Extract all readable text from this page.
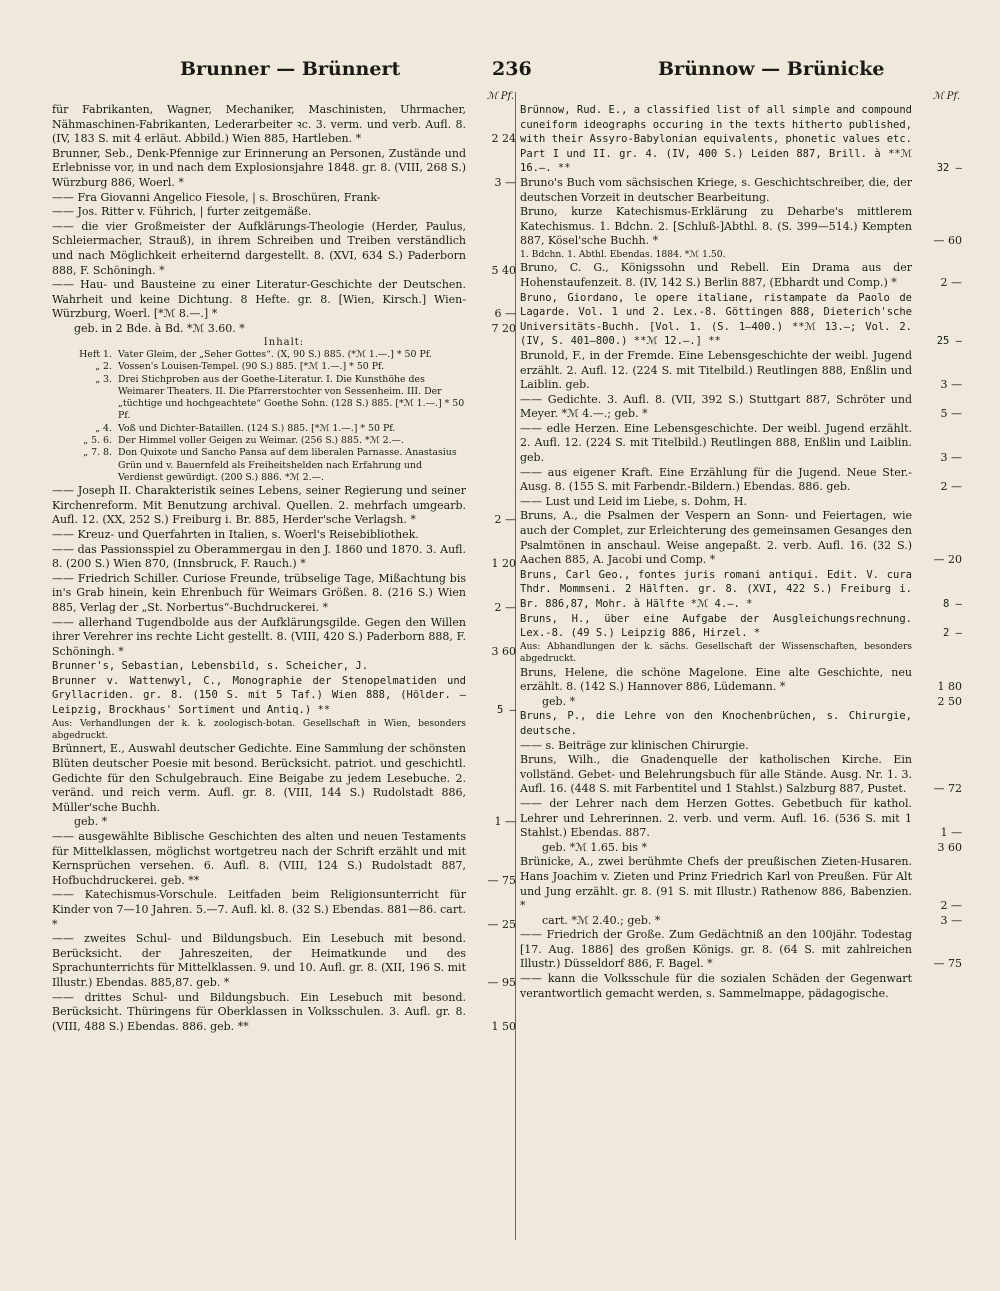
Brunner — Brünnert	236	Brünnow — Brünicke
ℳ Pf.

für Fabrikanten, Wagner, Mechaniker, Maschinisten, Uhrmacher, Nähmaschinen-Fabrikanten, Lederarbeiter ꝛc. 3. verm. und verb. Aufl. 8. (IV, 183 S. mit 4 erläut. Abbild.) Wien 885, Hartleben. *	2 24

Brunner, Seb., Denk-Pfennige zur Erinnerung an Personen, Zustände und Erlebnisse vor, in und nach dem Explosionsjahre 1848. gr. 8. (VIII, 268 S.) Würzburg 886, Woerl. *	3 —

—— Fra Giovanni Angelico Fiesole, | s. Broschüren, Frank-

—— Jos. Ritter v. Führich, | furter zeitgemäße.

—— die vier Großmeister der Aufklärungs-Theologie (Herder, Paulus, Schleiermacher, Strauß), in ihrem Schreiben und Treiben verständlich und nach Möglichkeit erheiternd dargestellt. 8. (XVI, 634 S.) Paderborn 888, F. Schöningh. *	5 40

—— Hau- und Bausteine zu einer Literatur-Geschichte der Deutschen. Wahrheit und keine Dichtung. 8 Hefte. gr. 8. [Wien, Kirsch.] Wien-Würzburg, Woerl. [*ℳ 8.—.] *	6 —

geb. in 2 Bde. à Bd. *ℳ 3.60. *	7 20

Inhalt:
Heft 1. Vater Gleim, der „Seher Gottes“. (X, 90 S.) 885. (*ℳ 1.—.] * 50 Pf.
„ 2. Vossen's Louisen-Tempel. (90 S.) 885. [*ℳ 1.—.] * 50 Pf.
„ 3. Drei Stichproben aus der Goethe-Literatur. I. Die Kunsthöhe des Weimarer Theaters. II. Die Pfarrerstochter von Sessenheim. III. Der „tüchtige und hochgeachtete“ Goethe Sohn. (128 S.) 885. [*ℳ 1.—.] * 50 Pf.
„ 4. Voß und Dichter-Bataillen. (124 S.) 885. [*ℳ 1.—.] * 50 Pf.
„ 5. 6. Der Himmel voller Geigen zu Weimar. (256 S.) 885. *ℳ 2.—.
„ 7. 8. Don Quixote und Sancho Pansa auf dem liberalen Parnasse. Anastasius Grün und v. Bauernfeld als Freiheitshelden nach Erfahrung und Verdienst gewürdigt. (200 S.) 886. *ℳ 2.—.

—— Joseph II. Charakteristik seines Lebens, seiner Regierung und seiner Kirchenreform. Mit Benutzung archival. Quellen. 2. mehrfach umgearb. Aufl. 12. (XX, 252 S.) Freiburg i. Br. 885, Herder'sche Verlagsh. *	2 —

—— Kreuz- und Querfahrten in Italien, s. Woerl's Reisebibliothek.

—— das Passionsspiel zu Oberammergau in den J. 1860 und 1870. 3. Aufl. 8. (200 S.) Wien 870, (Innsbruck, F. Rauch.) *	1 20

—— Friedrich Schiller. Curiose Freunde, trübselige Tage, Mißachtung bis in's Grab hinein, kein Ehrenbuch für Weimars Größen. 8. (216 S.) Wien 885, Verlag der „St. Norbertus“-Buchdruckerei. *	2 —

—— allerhand Tugendbolde aus der Aufklärungsgilde. Gegen den Willen ihrer Verehrer ins rechte Licht gestellt. 8. (VIII, 420 S.) Paderborn 888, F. Schöningh. *	3 60

Brunner's, Sebastian, Lebensbild, s. Scheicher, J.

Brunner v. Wattenwyl, C., Monographie der Stenopelmatiden und Gryllacriden. gr. 8. (150 S. mit 5 Taf.) Wien 888, (Hölder. — Leipzig, Brockhaus' Sortiment und Antiq.) **	5 —

Aus: Verhandlungen der k. k. zoologisch-botan. Gesellschaft in Wien, besonders abgedruckt.

Brünnert, E., Auswahl deutscher Gedichte. Eine Sammlung der schönsten Blüten deutscher Poesie mit besond. Berücksicht. patriot. und geschichtl. Gedichte für den Schulgebrauch. Eine Beigabe zu jedem Lesebuche. 2. veränd. und reich verm. Aufl. gr. 8. (VIII, 144 S.) Rudolstadt 886, Müller'sche Buchh.

geb. *	1 —

—— ausgewählte Biblische Geschichten des alten und neuen Testaments für Mittelklassen, möglichst wortgetreu nach der Schrift erzählt und mit Kernsprüchen versehen. 6. Aufl. 8. (VIII, 124 S.) Rudolstadt 887, Hofbuchdruckerei. geb. **	— 75

—— Katechismus-Vorschule. Leitfaden beim Religionsunterricht für Kinder von 7—10 Jahren. 5.—7. Aufl. kl. 8. (32 S.) Ebendas. 881—86. cart. *	— 25

—— zweites Schul- und Bildungsbuch. Ein Lesebuch mit besond. Berücksicht. der Jahreszeiten, der Heimatkunde und des Sprachunterrichts für Mittelklassen. 9. und 10. Aufl. gr. 8. (XII, 196 S. mit Illustr.) Ebendas. 885,87. geb. *	— 95

—— drittes Schul- und Bildungsbuch. Ein Lesebuch mit besond. Berücksicht. Thüringens für Oberklassen in Volksschulen. 3. Aufl. gr. 8. (VIII, 488 S.) Ebendas. 886. geb. **	1 50

ℳ Pf.

Brünnow, Rud. E., a classified list of all simple and compound cuneiform ideographs occuring in the texts hitherto published, with their Assyro-Babylonian equivalents, phonetic values etc. Part I und II. gr. 4. (IV, 400 S.) Leiden 887, Brill. à **ℳ 16.—. **	32 —

Bruno's Buch vom sächsischen Kriege, s. Geschichtschreiber, die, der deutschen Vorzeit in deutscher Bearbeitung.

Bruno, kurze Katechismus-Erklärung zu Deharbe's mittlerem Katechismus. 1. Bdchn. 2. [Schluß-]Abthl. 8. (S. 399—514.) Kempten 887, Kösel'sche Buchh. *	— 60

1. Bdchn. 1. Abthl. Ebendas. 1884. *ℳ 1.50.

Bruno, C. G., Königssohn und Rebell. Ein Drama aus der Hohenstaufenzeit. 8. (IV, 142 S.) Berlin 887, (Ebhardt und Comp.) *	2 —

Bruno, Giordano, le opere italiane, ristampate da Paolo de Lagarde. Vol. 1 und 2. Lex.-8. Göttingen 888, Dieterich'sche Universitäts-Buchh. [Vol. 1. (S. 1—400.) **ℳ 13.—; Vol. 2. (IV, S. 401—800.) **ℳ 12.—.] **	25 —

Brunold, F., in der Fremde. Eine Lebensgeschichte der weibl. Jugend erzählt. 2. Aufl. 12. (224 S. mit Titelbild.) Reutlingen 888, Enßlin und Laiblin. geb.	3 —

—— Gedichte. 3. Aufl. 8. (VII, 392 S.) Stuttgart 887, Schröter und Meyer. *ℳ 4.—.; geb. *	5 —

—— edle Herzen. Eine Lebensgeschichte. Der weibl. Jugend erzählt. 2. Aufl. 12. (224 S. mit Titelbild.) Reutlingen 888, Enßlin und Laiblin. geb.	3 —

—— aus eigener Kraft. Eine Erzählung für die Jugend. Neue Ster.-Ausg. 8. (155 S. mit Farbendr.-Bildern.) Ebendas. 886. geb.	2 —

—— Lust und Leid im Liebe, s. Dohm, H.

Bruns, A., die Psalmen der Vespern an Sonn- und Feiertagen, wie auch der Complet, zur Erleichterung des gemeinsamen Gesanges den Psalmtönen in anschaul. Weise angepaßt. 2. verb. Aufl. 16. (32 S.) Aachen 885, A. Jacobi und Comp. *	— 20

Bruns, Carl Geo., fontes juris romani antiqui. Edit. V. cura Thdr. Mommseni. 2 Hälften. gr. 8. (XVI, 422 S.) Freiburg i. Br. 886,87, Mohr. à Hälfte *ℳ 4.—. *	8 —

Bruns, H., über eine Aufgabe der Ausgleichungsrechnung. Lex.-8. (49 S.) Leipzig 886, Hirzel. *	2 —

Aus: Abhandlungen der k. sächs. Gesellschaft der Wissenschaften, besonders abgedruckt.

Bruns, Helene, die schöne Magelone. Eine alte Geschichte, neu erzählt. 8. (142 S.) Hannover 886, Lüdemann. *	1 80

geb. *	2 50

Bruns, P., die Lehre von den Knochenbrüchen, s. Chirurgie, deutsche.

—— s. Beiträge zur klinischen Chirurgie.

Bruns, Wilh., die Gnadenquelle der katholischen Kirche. Ein vollständ. Gebet- und Belehrungsbuch für alle Stände. Ausg. Nr. 1. 3. Aufl. 16. (448 S. mit Farbentitel und 1 Stahlst.) Salzburg 887, Pustet.	— 72

—— der Lehrer nach dem Herzen Gottes. Gebetbuch für kathol. Lehrer und Lehrerinnen. 2. verb. und verm. Aufl. 16. (536 S. mit 1 Stahlst.) Ebendas. 887.	1 —

geb. *ℳ 1.65. bis *	3 60

Brünicke, A., zwei berühmte Chefs der preußischen Zieten-Husaren. Hans Joachim v. Zieten und Prinz Friedrich Karl von Preußen. Für Alt und Jung erzählt. gr. 8. (91 S. mit Illustr.) Rathenow 886, Babenzien. *	2 —

cart. *ℳ 2.40.; geb. *	3 —

—— Friedrich der Große. Zum Gedächtniß an den 100jähr. Todestag [17. Aug. 1886] des großen Königs. gr. 8. (64 S. mit zahlreichen Illustr.) Düsseldorf 886, F. Bagel. *	— 75

—— kann die Volksschule für die sozialen Schäden der Gegenwart verantwortlich gemacht werden, s. Sammelmappe, pädagogische.
